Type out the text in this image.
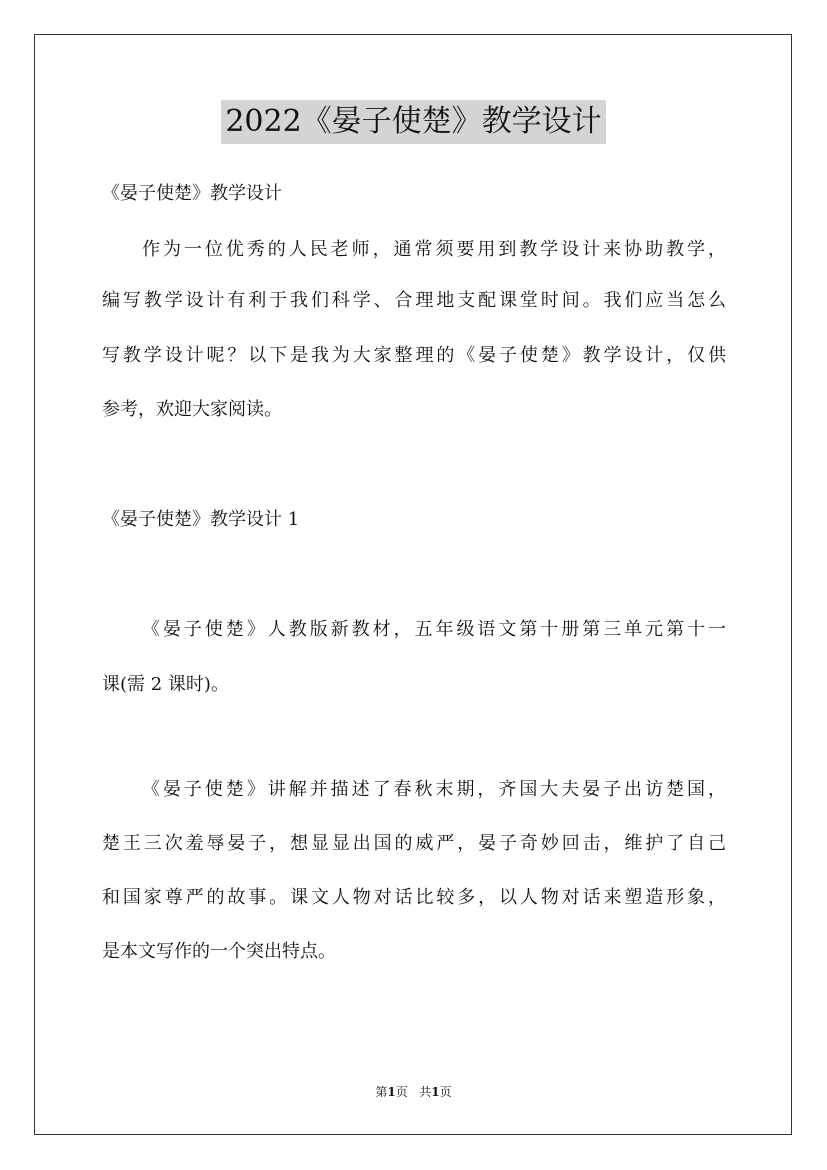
2022《晏子使楚》教学设计
《晏子使楚》教学设计
作为一位优秀的人民老师，通常须要用到教学设计来协助教学，
编写教学设计有利于我们科学、合理地支配课堂时间。我们应当怎么
写教学设计呢？以下是我为大家整理的《晏子使楚》教学设计，仅供
参考，欢迎大家阅读。
《晏子使楚》教学设计 1
《晏子使楚》人教版新教材，五年级语文第十册第三单元第十一
课(需 2 课时)。
《晏子使楚》讲解并描述了春秋末期，齐国大夫晏子出访楚国，
楚王三次羞辱晏子，想显显出国的威严，晏子奇妙回击，维护了自己
和国家尊严的故事。课文人物对话比较多，以人物对话来塑造形象，
是本文写作的一个突出特点。
第1页 共1页
